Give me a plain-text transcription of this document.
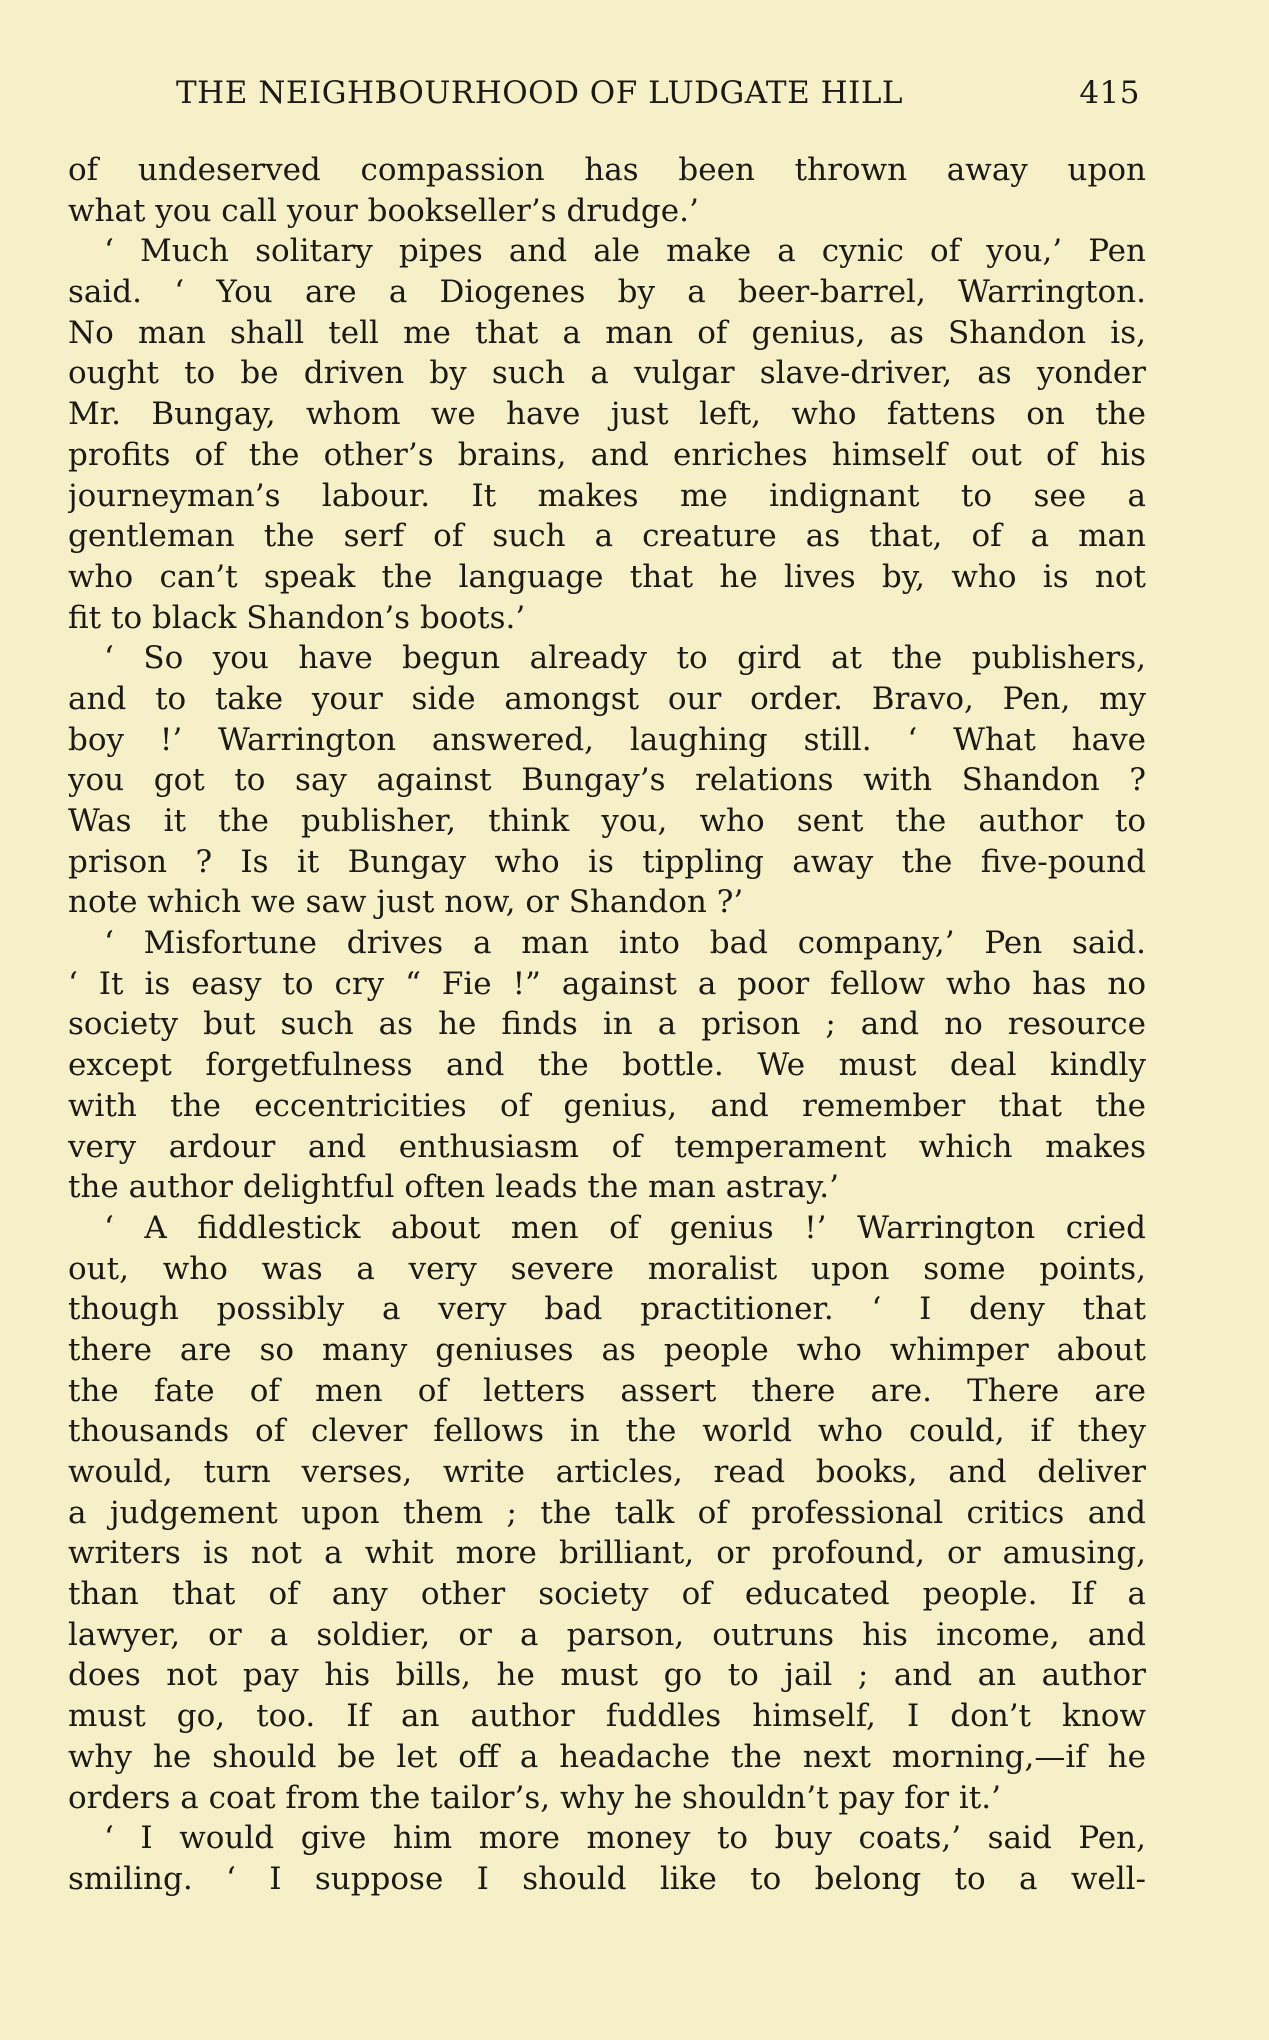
THE NEIGHBOURHOOD OF LUDGATE HILL	415
of undeserved compassion has been thrown away upon
what you call your bookseller’s drudge.’
‘ Much solitary pipes and ale make a cynic of you,’ Pen
said. ‘ You are a Diogenes by a beer-barrel, Warrington.
No man shall tell me that a man of genius, as Shandon is,
ought to be driven by such a vulgar slave-driver, as yonder
Mr. Bungay, whom we have just left, who fattens on the
profits of the other’s brains, and enriches himself out of his
journeyman’s labour. It makes me indignant to see a
gentleman the serf of such a creature as that, of a man
who can’t speak the language that he lives by, who is not
fit to black Shandon’s boots.’
‘ So you have begun already to gird at the publishers,
and to take your side amongst our order. Bravo, Pen, my
boy !’ Warrington answered, laughing still. ‘ What have
you got to say against Bungay’s relations with Shandon ?
Was it the publisher, think you, who sent the author to
prison ? Is it Bungay who is tippling away the five-pound
note which we saw just now, or Shandon ?’
‘ Misfortune drives a man into bad company,’ Pen said.
‘ It is easy to cry “ Fie !” against a poor fellow who has no
society but such as he finds in a prison ; and no resource
except forgetfulness and the bottle. We must deal kindly
with the eccentricities of genius, and remember that the
very ardour and enthusiasm of temperament which makes
the author delightful often leads the man astray.’
‘ A fiddlestick about men of genius !’ Warrington cried
out, who was a very severe moralist upon some points,
though possibly a very bad practitioner. ‘ I deny that
there are so many geniuses as people who whimper about
the fate of men of letters assert there are. There are
thousands of clever fellows in the world who could, if they
would, turn verses, write articles, read books, and deliver
a judgement upon them ; the talk of professional critics and
writers is not a whit more brilliant, or profound, or amusing,
than that of any other society of educated people. If a
lawyer, or a soldier, or a parson, outruns his income, and
does not pay his bills, he must go to jail ; and an author
must go, too. If an author fuddles himself, I don’t know
why he should be let off a headache the next morning,—if he
orders a coat from the tailor’s, why he shouldn’t pay for it.’
‘ I would give him more money to buy coats,’ said Pen,
smiling. ‘ I suppose I should like to belong to a well-
